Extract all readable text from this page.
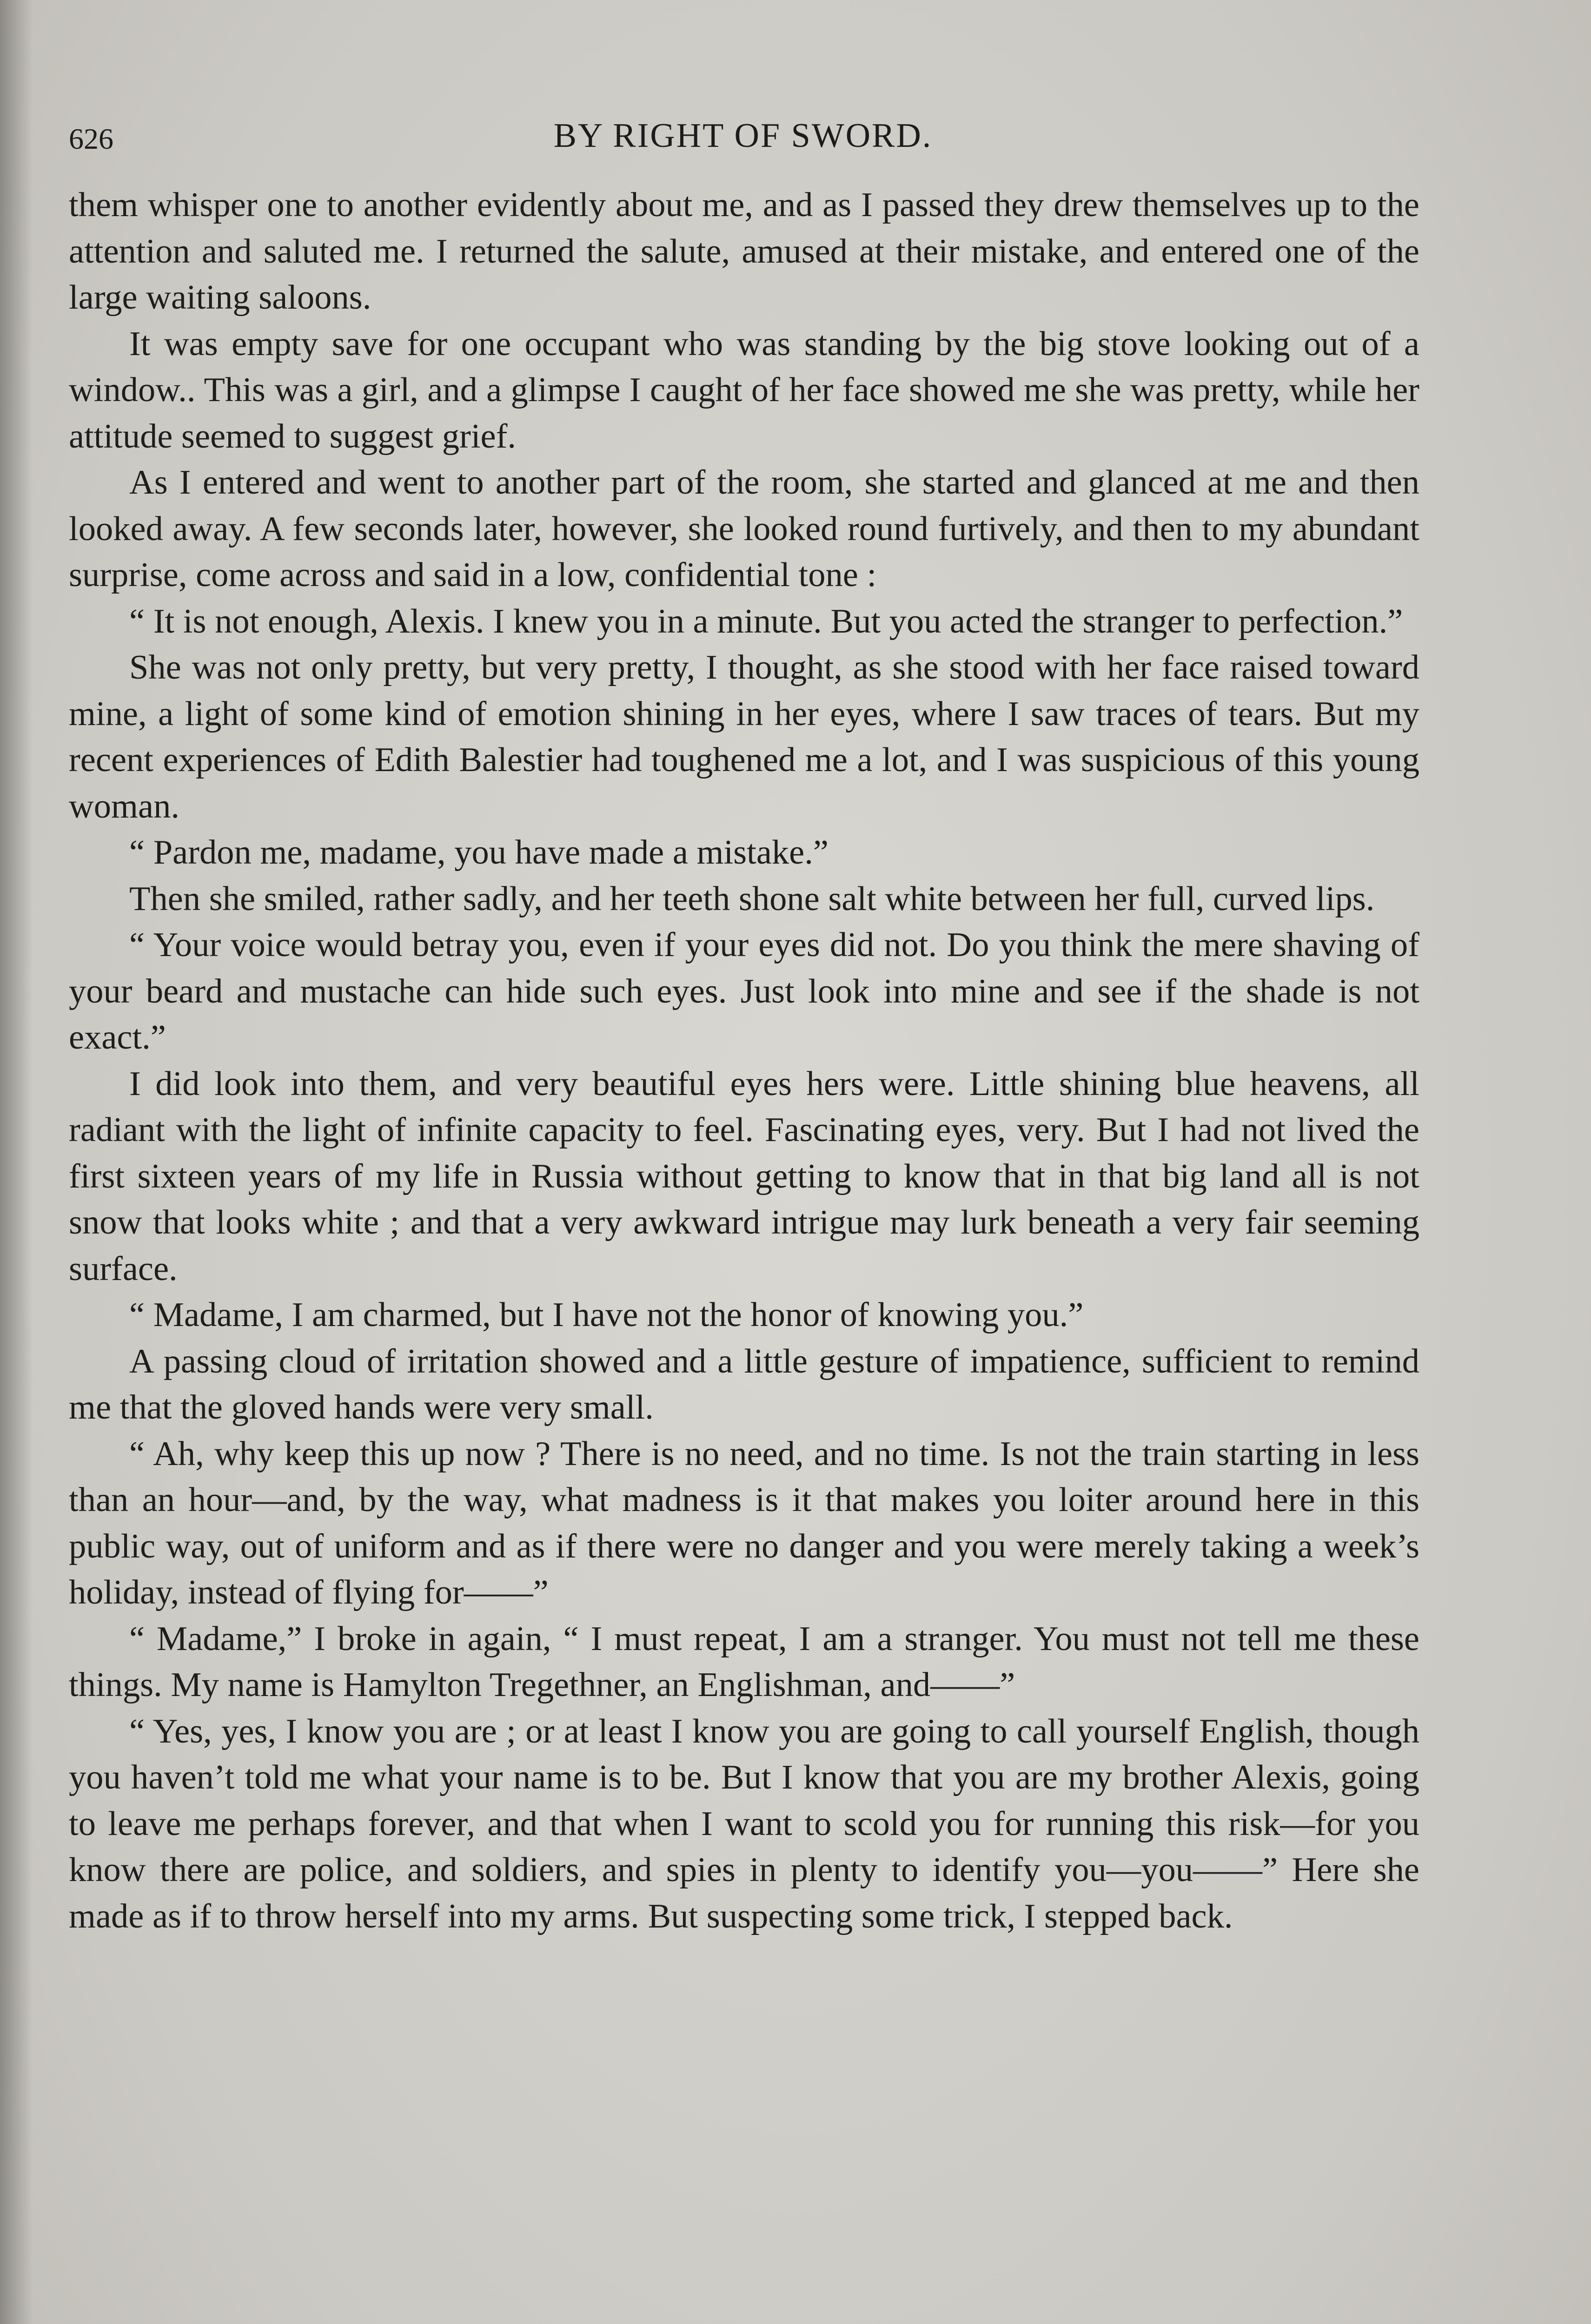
626	BY RIGHT OF SWORD.

them whisper one to another evidently about me, and as I passed they drew themselves up to the attention and saluted me. I returned the salute, amused at their mistake, and entered one of the large waiting saloons.

It was empty save for one occupant who was standing by the big stove looking out of a window.. This was a girl, and a glimpse I caught of her face showed me she was pretty, while her attitude seemed to suggest grief.

As I entered and went to another part of the room, she started and glanced at me and then looked away. A few seconds later, however, she looked round furtively, and then to my abundant surprise, come across and said in a low, confidential tone :

“ It is not enough, Alexis. I knew you in a minute. But you acted the stranger to perfection.”

She was not only pretty, but very pretty, I thought, as she stood with her face raised toward mine, a light of some kind of emotion shining in her eyes, where I saw traces of tears. But my recent experiences of Edith Balestier had toughened me a lot, and I was suspicious of this young woman.

“ Pardon me, madame, you have made a mistake.”

Then she smiled, rather sadly, and her teeth shone salt white between her full, curved lips.

“ Your voice would betray you, even if your eyes did not. Do you think the mere shaving of your beard and mustache can hide such eyes. Just look into mine and see if the shade is not exact.”

I did look into them, and very beautiful eyes hers were. Little shining blue heavens, all radiant with the light of infinite capacity to feel. Fascinating eyes, very. But I had not lived the first sixteen years of my life in Russia without getting to know that in that big land all is not snow that looks white ; and that a very awkward intrigue may lurk beneath a very fair seeming surface.

“ Madame, I am charmed, but I have not the honor of knowing you.”

A passing cloud of irritation showed and a little gesture of impatience, sufficient to remind me that the gloved hands were very small.

“ Ah, why keep this up now ? There is no need, and no time. Is not the train starting in less than an hour—and, by the way, what madness is it that makes you loiter around here in this public way, out of uniform and as if there were no danger and you were merely taking a week’s holiday, instead of flying for——”

“ Madame,” I broke in again, “ I must repeat, I am a stranger. You must not tell me these things. My name is Hamylton Tregethner, an Englishman, and——”

“ Yes, yes, I know you are ; or at least I know you are going to call yourself English, though you haven’t told me what your name is to be. But I know that you are my brother Alexis, going to leave me perhaps forever, and that when I want to scold you for running this risk—for you know there are police, and soldiers, and spies in plenty to identify you—you——” Here she made as if to throw herself into my arms. But suspecting some trick, I stepped back.
